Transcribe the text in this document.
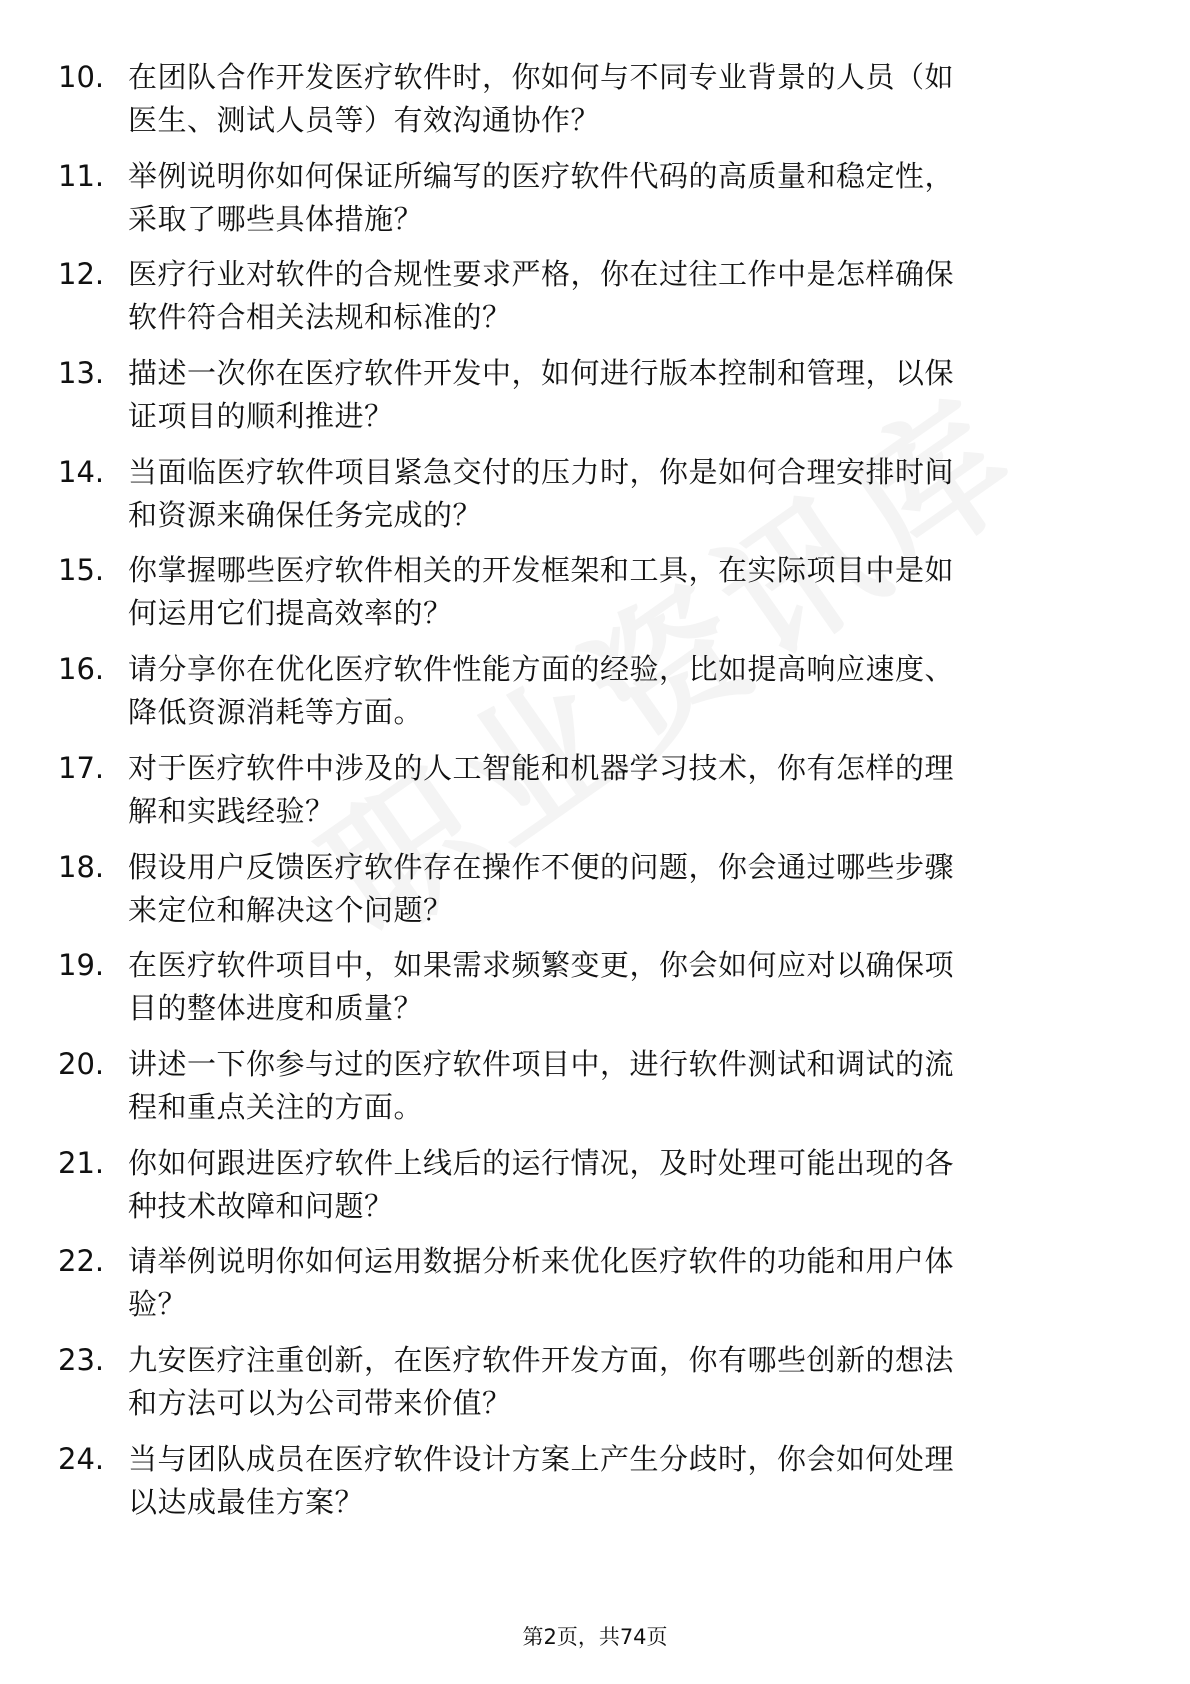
10. 在团队合作开发医疗软件时，你如何与不同专业背景的人员（如
医生、测试人员等）有效沟通协作？
11. 举例说明你如何保证所编写的医疗软件代码的高质量和稳定性，
采取了哪些具体措施？
12. 医疗行业对软件的合规性要求严格，你在过往工作中是怎样确保
软件符合相关法规和标准的？
13. 描述一次你在医疗软件开发中，如何进行版本控制和管理，以保
证项目的顺利推进？
14. 当面临医疗软件项目紧急交付的压力时，你是如何合理安排时间
和资源来确保任务完成的？
15. 你掌握哪些医疗软件相关的开发框架和工具，在实际项目中是如
何运用它们提高效率的？
16. 请分享你在优化医疗软件性能方面的经验，比如提高响应速度、
降低资源消耗等方面。
17. 对于医疗软件中涉及的人工智能和机器学习技术，你有怎样的理
解和实践经验？
18. 假设用户反馈医疗软件存在操作不便的问题，你会通过哪些步骤
来定位和解决这个问题？
19. 在医疗软件项目中，如果需求频繁变更，你会如何应对以确保项
目的整体进度和质量？
20. 讲述一下你参与过的医疗软件项目中，进行软件测试和调试的流
程和重点关注的方面。
21. 你如何跟进医疗软件上线后的运行情况，及时处理可能出现的各
种技术故障和问题？
22. 请举例说明你如何运用数据分析来优化医疗软件的功能和用户体
验？
23. 九安医疗注重创新，在医疗软件开发方面，你有哪些创新的想法
和方法可以为公司带来价值？
24. 当与团队成员在医疗软件设计方案上产生分歧时，你会如何处理
以达成最佳方案？
第2页，共74页
